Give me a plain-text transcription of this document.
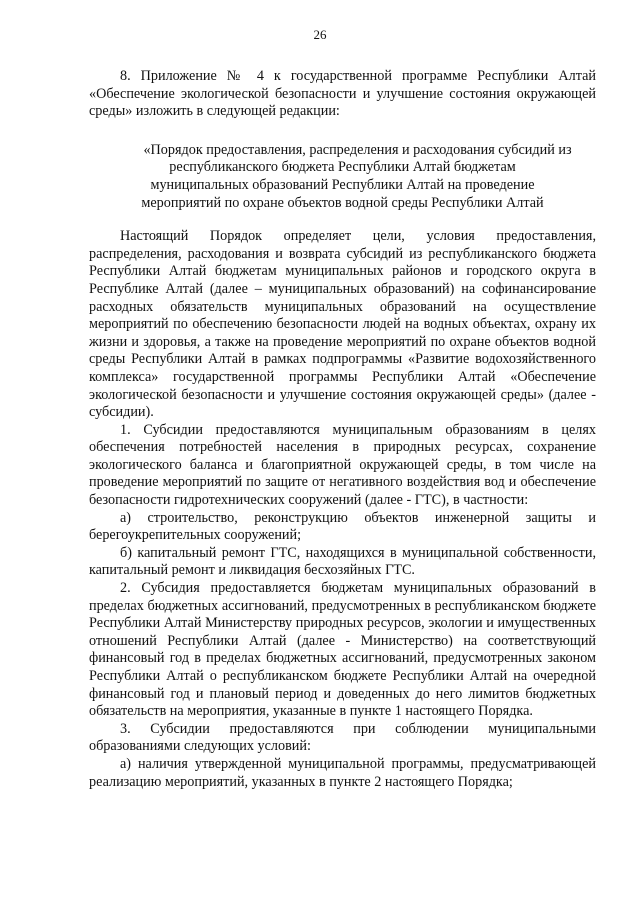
26

8. Приложение № 4 к государственной программе Республики Алтай «Обеспечение экологической безопасности и улучшение состояния окружающей среды» изложить в следующей редакции:

«Порядок предоставления, распределения и расходования субсидий из
республиканского бюджета Республики Алтай бюджетам
муниципальных образований Республики Алтай на проведение
мероприятий по охране объектов водной среды Республики Алтай

Настоящий Порядок определяет цели, условия предоставления, распределения, расходования и возврата субсидий из республиканского бюджета Республики Алтай бюджетам муниципальных районов и городского округа в Республике Алтай (далее – муниципальных образований) на софинансирование расходных обязательств муниципальных образований на осуществление мероприятий по обеспечению безопасности людей на водных объектах, охрану их жизни и здоровья, а также на проведение мероприятий по охране объектов водной среды Республики Алтай в рамках подпрограммы «Развитие водохозяйственного комплекса» государственной программы Республики Алтай «Обеспечение экологической безопасности и улучшение состояния окружающей среды» (далее - субсидии).

1. Субсидии предоставляются муниципальным образованиям в целях обеспечения потребностей населения в природных ресурсах, сохранение экологического баланса и благоприятной окружающей среды, в том числе на проведение мероприятий по защите от негативного воздействия вод и обеспечение безопасности гидротехнических сооружений (далее - ГТС), в частности:

а) строительство, реконструкцию объектов инженерной защиты и берегоукрепительных сооружений;

б) капитальный ремонт ГТС, находящихся в муниципальной собственности, капитальный ремонт и ликвидация бесхозяйных ГТС.

2. Субсидия предоставляется бюджетам муниципальных образований в пределах бюджетных ассигнований, предусмотренных в республиканском бюджете Республики Алтай Министерству природных ресурсов, экологии и имущественных отношений Республики Алтай (далее - Министерство) на соответствующий финансовый год в пределах бюджетных ассигнований, предусмотренных законом Республики Алтай о республиканском бюджете Республики Алтай на очередной финансовый год и плановый период и доведенных до него лимитов бюджетных обязательств на мероприятия, указанные в пункте 1 настоящего Порядка.

3. Субсидии предоставляются при соблюдении муниципальными образованиями следующих условий:

а) наличия утвержденной муниципальной программы, предусматривающей реализацию мероприятий, указанных в пункте 2 настоящего Порядка;
